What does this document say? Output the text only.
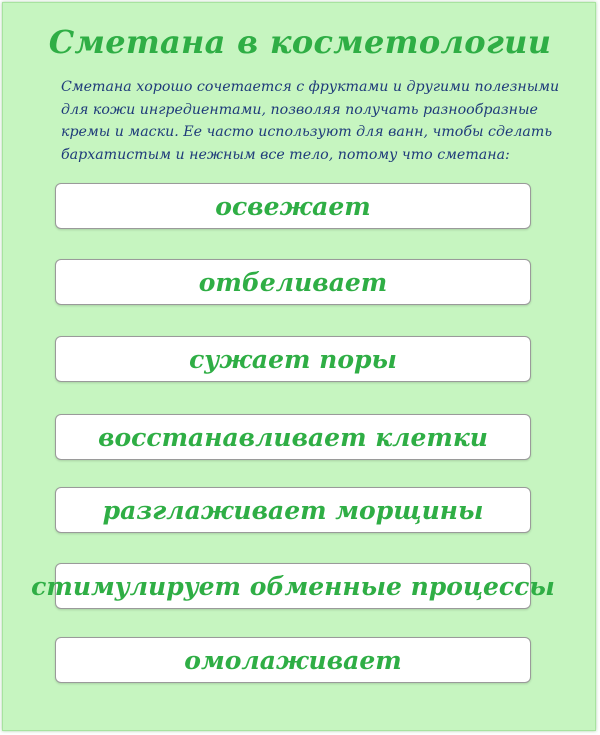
Сметана в косметологии
Сметана хорошо сочетается с фруктами и другими полезными
для кожи ингредиентами, позволяя получать разнообразные
кремы и маски. Ее часто используют для ванн, чтобы сделать
бархатистым и нежным все тело, потому что сметана:
освежает
отбеливает
сужает поры
восстанавливает клетки
разглаживает морщины
стимулирует обменные процессы
омолаживает
